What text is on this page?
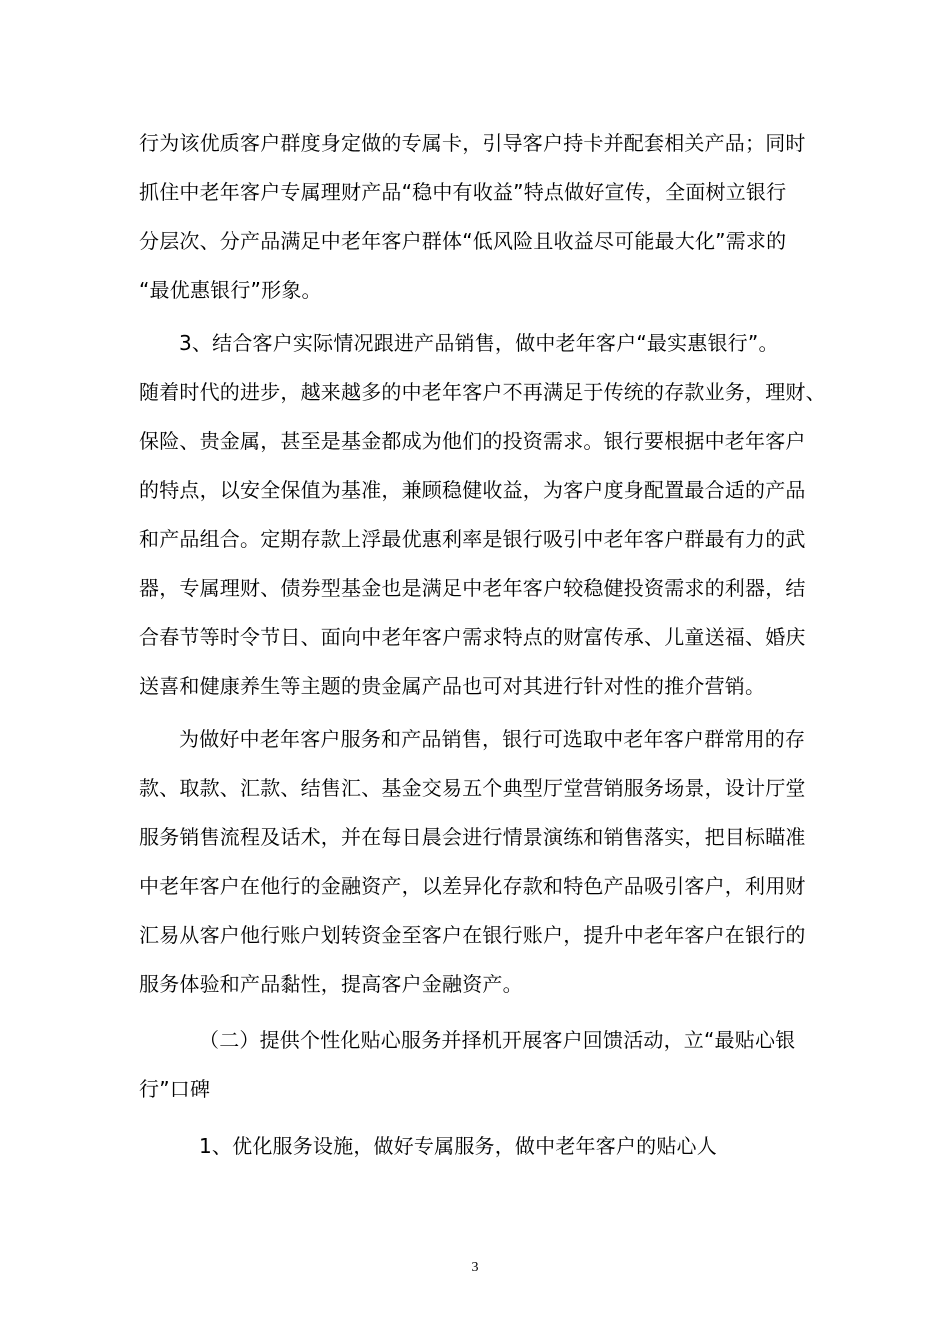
行为该优质客户群度身定做的专属卡，引导客户持卡并配套相关产品；同时
抓住中老年客户专属理财产品“稳中有收益”特点做好宣传，全面树立银行
分层次、分产品满足中老年客户群体“低风险且收益尽可能最大化”需求的
“最优惠银行”形象。
3、结合客户实际情况跟进产品销售，做中老年客户“最实惠银行”。
随着时代的进步，越来越多的中老年客户不再满足于传统的存款业务，理财、
保险、贵金属，甚至是基金都成为他们的投资需求。银行要根据中老年客户
的特点，以安全保值为基准，兼顾稳健收益，为客户度身配置最合适的产品
和产品组合。定期存款上浮最优惠利率是银行吸引中老年客户群最有力的武
器，专属理财、债券型基金也是满足中老年客户较稳健投资需求的利器，结
合春节等时令节日、面向中老年客户需求特点的财富传承、儿童送福、婚庆
送喜和健康养生等主题的贵金属产品也可对其进行针对性的推介营销。
为做好中老年客户服务和产品销售，银行可选取中老年客户群常用的存
款、取款、汇款、结售汇、基金交易五个典型厅堂营销服务场景，设计厅堂
服务销售流程及话术，并在每日晨会进行情景演练和销售落实，把目标瞄准
中老年客户在他行的金融资产，以差异化存款和特色产品吸引客户，利用财
汇易从客户他行账户划转资金至客户在银行账户，提升中老年客户在银行的
服务体验和产品黏性，提高客户金融资产。
（二）提供个性化贴心服务并择机开展客户回馈活动，立“最贴心银
行”口碑
1、优化服务设施，做好专属服务，做中老年客户的贴心人
3
